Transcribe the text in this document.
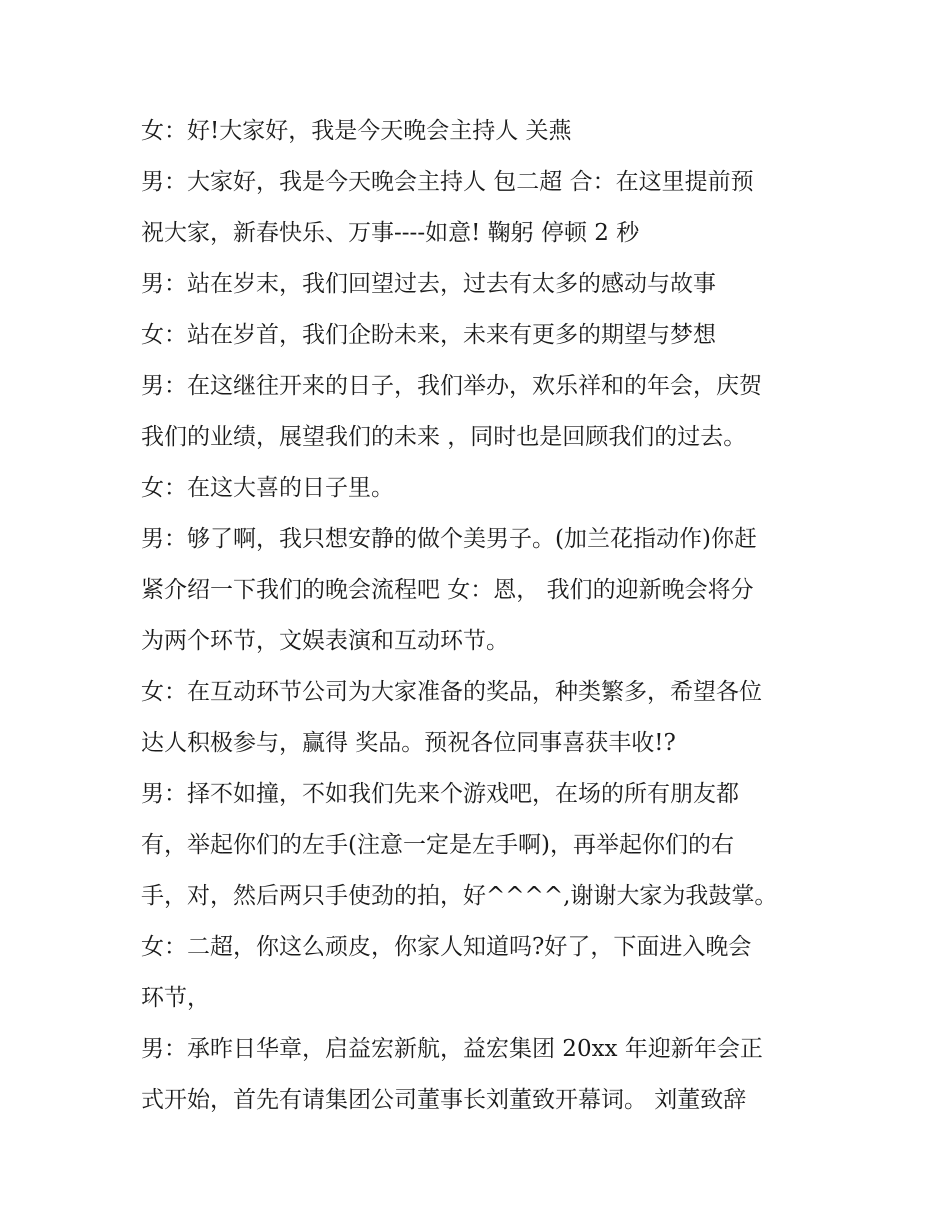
女：好!大家好，我是今天晚会主持人 关燕
男：大家好，我是今天晚会主持人 包二超 合：在这里提前预
祝大家，新春快乐、万事----如意! 鞠躬 停顿 2 秒
男：站在岁末，我们回望过去，过去有太多的感动与故事
女：站在岁首，我们企盼未来，未来有更多的期望与梦想
男：在这继往开来的日子，我们举办，欢乐祥和的年会，庆贺
我们的业绩，展望我们的未来 ，同时也是回顾我们的过去。
女：在这大喜的日子里。
男：够了啊，我只想安静的做个美男子。(加兰花指动作)你赶
紧介绍一下我们的晚会流程吧 女：恩， 我们的迎新晚会将分
为两个环节，文娱表演和互动环节。
女：在互动环节公司为大家准备的奖品，种类繁多，希望各位
达人积极参与，赢得 奖品。预祝各位同事喜获丰收!?
男：择不如撞，不如我们先来个游戏吧，在场的所有朋友都
有，举起你们的左手(注意一定是左手啊)，再举起你们的右
手，对，然后两只手使劲的拍，好^^^^,谢谢大家为我鼓掌。
女：二超，你这么顽皮，你家人知道吗?好了，下面进入晚会
环节，
男：承昨日华章，启益宏新航，益宏集团 20xx 年迎新年会正
式开始，首先有请集团公司董事长刘董致开幕词。 刘董致辞
